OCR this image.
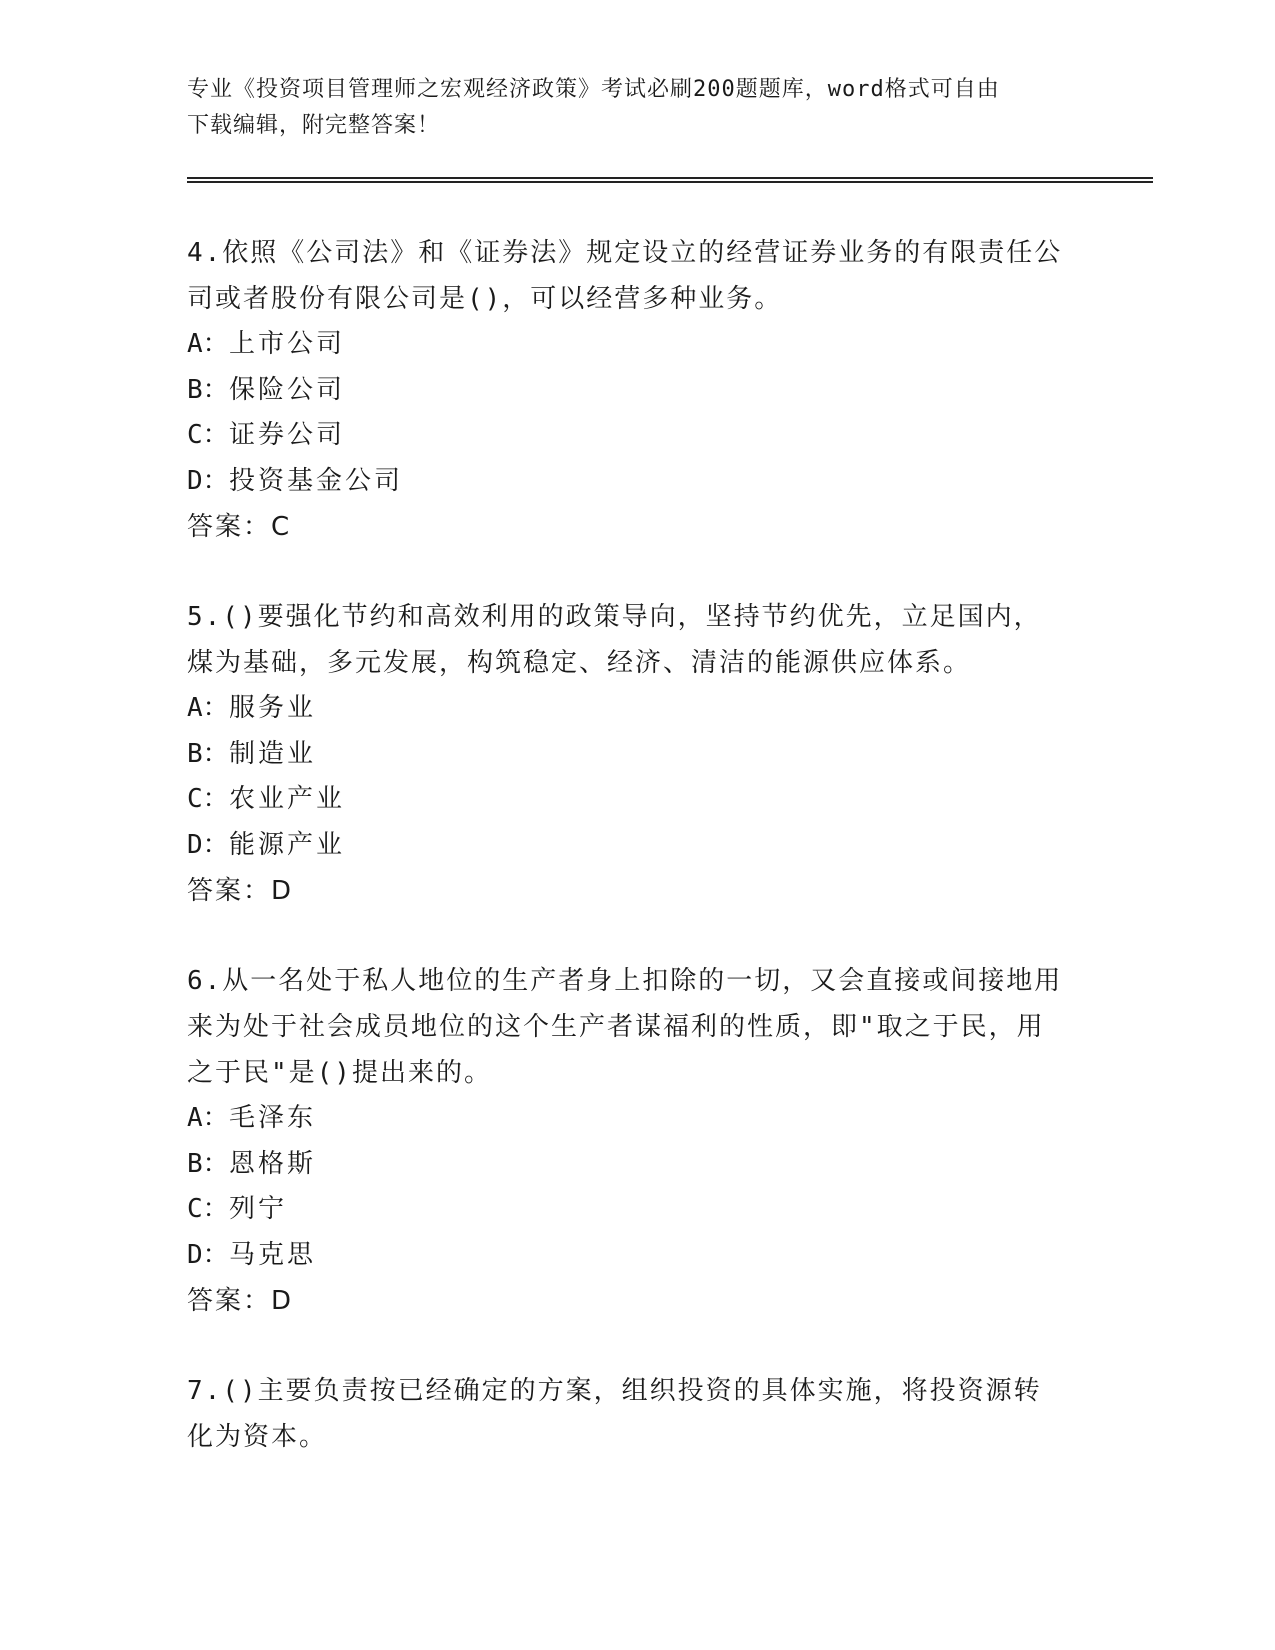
专业《投资项目管理师之宏观经济政策》考试必刷200题题库，word格式可自由
下载编辑，附完整答案！
4.依照《公司法》和《证券法》规定设立的经营证券业务的有限责任公司或者股份有限公司是()，可以经营多种业务。
A：上市公司
B：保险公司
C：证券公司
D：投资基金公司
答案：C
5.()要强化节约和高效利用的政策导向，坚持节约优先，立足国内，煤为基础，多元发展，构筑稳定、经济、清洁的能源供应体系。
A：服务业
B：制造业
C：农业产业
D：能源产业
答案：D
6.从一名处于私人地位的生产者身上扣除的一切，又会直接或间接地用来为处于社会成员地位的这个生产者谋福利的性质，即"取之于民，用之于民"是()提出来的。
A：毛泽东
B：恩格斯
C：列宁
D：马克思
答案：D
7.()主要负责按已经确定的方案，组织投资的具体实施，将投资源转化为资本。
